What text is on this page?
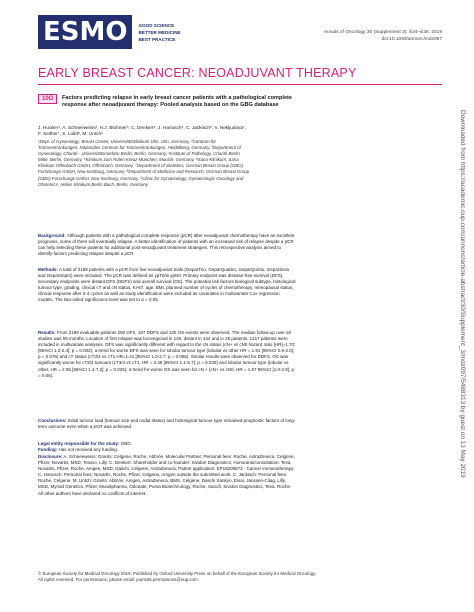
ESMO	GOOD SCIENCE
BETTER MEDICINE
BEST PRACTICE
Annals of Oncology 30 (Supplement 3): iii34–iii38, 2019
doi:10.1093/annonc/mdz097
EARLY BREAST CANCER: NEOADJUVANT THERAPY
10O	Factors predicting relapse in early breast cancer patients with a pathological complete response after neoadjuvant therapy: Pooled analysis based on the GBG database
J. Huober¹, A. Schneeweiss², H.J. Blohmer³, C. Denkert⁴, J. Hanusch⁵, C. Jackisch⁶, V. Nekljudova⁷, F. Seither⁷, S. Loibl⁸, M. Untch⁹
¹Dept. of Gynecology, Breast Center, Universitätsklinikum Ulm, Ulm, Germany, ²Centrum für Tumorerkrankungen, Nationales Centrum für Tumorerkrankungen, Heidelberg, Germany, ³Department of Gynecology, Charité - Universitätsmedizin Berlin, Berlin, Germany, ⁴Institute of Pathology, Charité Berlin Mitte, Berlin, Germany, ⁵Klinikum zum Roten Kreuz München, Munich, Germany, ⁶Sana-Klinikum, Sana Klinikum Offenbach GmbH, Offenbach, Germany, ⁷Department of Statistics, German Breast Group (GBG) Forschungs GmbH, Neu-Isenburg, Germany, ⁸Department of Medicine and Research, German Breast Group (GBG) Forschungs GmbH, Neu-Isenburg, Germany, ⁹Clinic for Gynaecology, Gynaecologic Oncology and Obstetrics, Helios Klinikum Berlin Buch, Berlin, Germany
Background: Although patients with a pathological complete response (pCR) after neoadjuvant chemotherapy have an excellent prognosis, some of them will eventually relapse. A better identification of patients with an increased risk of relapse despite a pCR can help selecting these patients for additional post-neoadjuvant treatment strategies. This retrospective analysis aimed to identify factors predicting relapse despite a pCR.
Methods: A total of 2188 patients with a pCR from five neoadjuvant trials (GeparTrio, GeparQuattro, GeparQuinto, GeparSixto and GeparSepto) were included. The pCR was defined as ypT0/is ypN0. Primary endpoint was disease-free survival (DFS), secondary endpoints were distant DFS (DDFS) and overall survival (OS). The potential risk factors biological subtype, histological tumour type, grading, clinical cT and cN status, Ki-67, age, BMI, planned number of cycles of chemotherapy, menopausal status, clinical response after 2-4 cycles as well as study identification were included as covariates in multivariate Cox regression models. The two-sided significance level was set to α = 0.05.
Results: From 2188 evaluable patients 290 DFS, 197 DDFS and 130 OS events were observed. The median follow-up over all studies was 59 months. Location of first relapse was locoregional in 129, distant in 134 and in 25 patients. 1217 patients were included in multivariate analyses. DFS was significantly different with regard to the cN status (cN+ vs cN0 hazard ratio [HR]=1.70; [95%CI 1.2-2.4]; p = 0.002); a trend for worse DFS was seen for lobular tumour type (lobular vs other HR = 1.91 [95%CI 0.9-4.0]; p = 0.076) and cT status (cT3/4 vs cT1 HR=1.41 [95%CI 1.0-2.7; p = 0.066). Similar results were observed for DDFS. OS was significantly worse for cT3/4 tumours (cT3/4 vs cT1, HR = 2.48 [95%CI 1.1-5.7]; p = 0.030) and lobular tumour type (lobular vs other, HR = 2.95 [95%CI 1.1-7.2]; p = 0.026); a trend for worse OS was seen for cN + (cN+ vs cN0, HR = 1.67 95%CI [1.0-2.8]; p = 0.06).
Conclusions: Initial tumour load (tumour size and nodal status) and histological tumour type remained prognostic factors of long-term outcome even when a pCR was achieved.
Legal entity responsible for the study: GBG.
Funding: Has not received any funding.
Disclosure: A. Schneeweiss: Grants: Celgene, Roche, AbbVie, Molecular Partner; Personal fees: Roche, AstraZeneca, Celgene, Pfizer, Novartis, MSD, Tesaro, Lilly. C. Denkert: Shareholder and co-founder: Sividon Diagnostics; Honoraria/consultation: Teva, Novartis, Pfizer, Roche, Amgen, MSD, Daiichi, Celgene, AstraZeneca; Patent application: EP18209672 - Cancer immunotherapy; C. Hanusch: Personal fees: Novartis, Roche, Pfizer, Celgene, Amgen outside the submitted work. C. Jackisch: Personal fees: Roche, Celgene. M. Untch: Grants: AbbVie, Amgen, AstraZeneca, BMS, Celgene, Daiichi Sankyo, Eisai, Janssen-Cilag, Lilly, MSD, Myriad Genetics, Pfizer, Mundipharma, Odonate, Puma Biotechnology, Roche, Sanofi, Sividon Diagnostics, Teva. Roche. All other authors have declared no conflicts of interest.
© European Society for Medical Oncology 2019. Published by Oxford University Press on behalf of the European Society for Medical Oncology.
All rights reserved. For permissions, please email: journals.permissions@oup.com.
Downloaded from https://academic.oup.com/annonc/article-abstract/30/Supplement_3/mdz097/5488313 by guest on 13 May 2019
